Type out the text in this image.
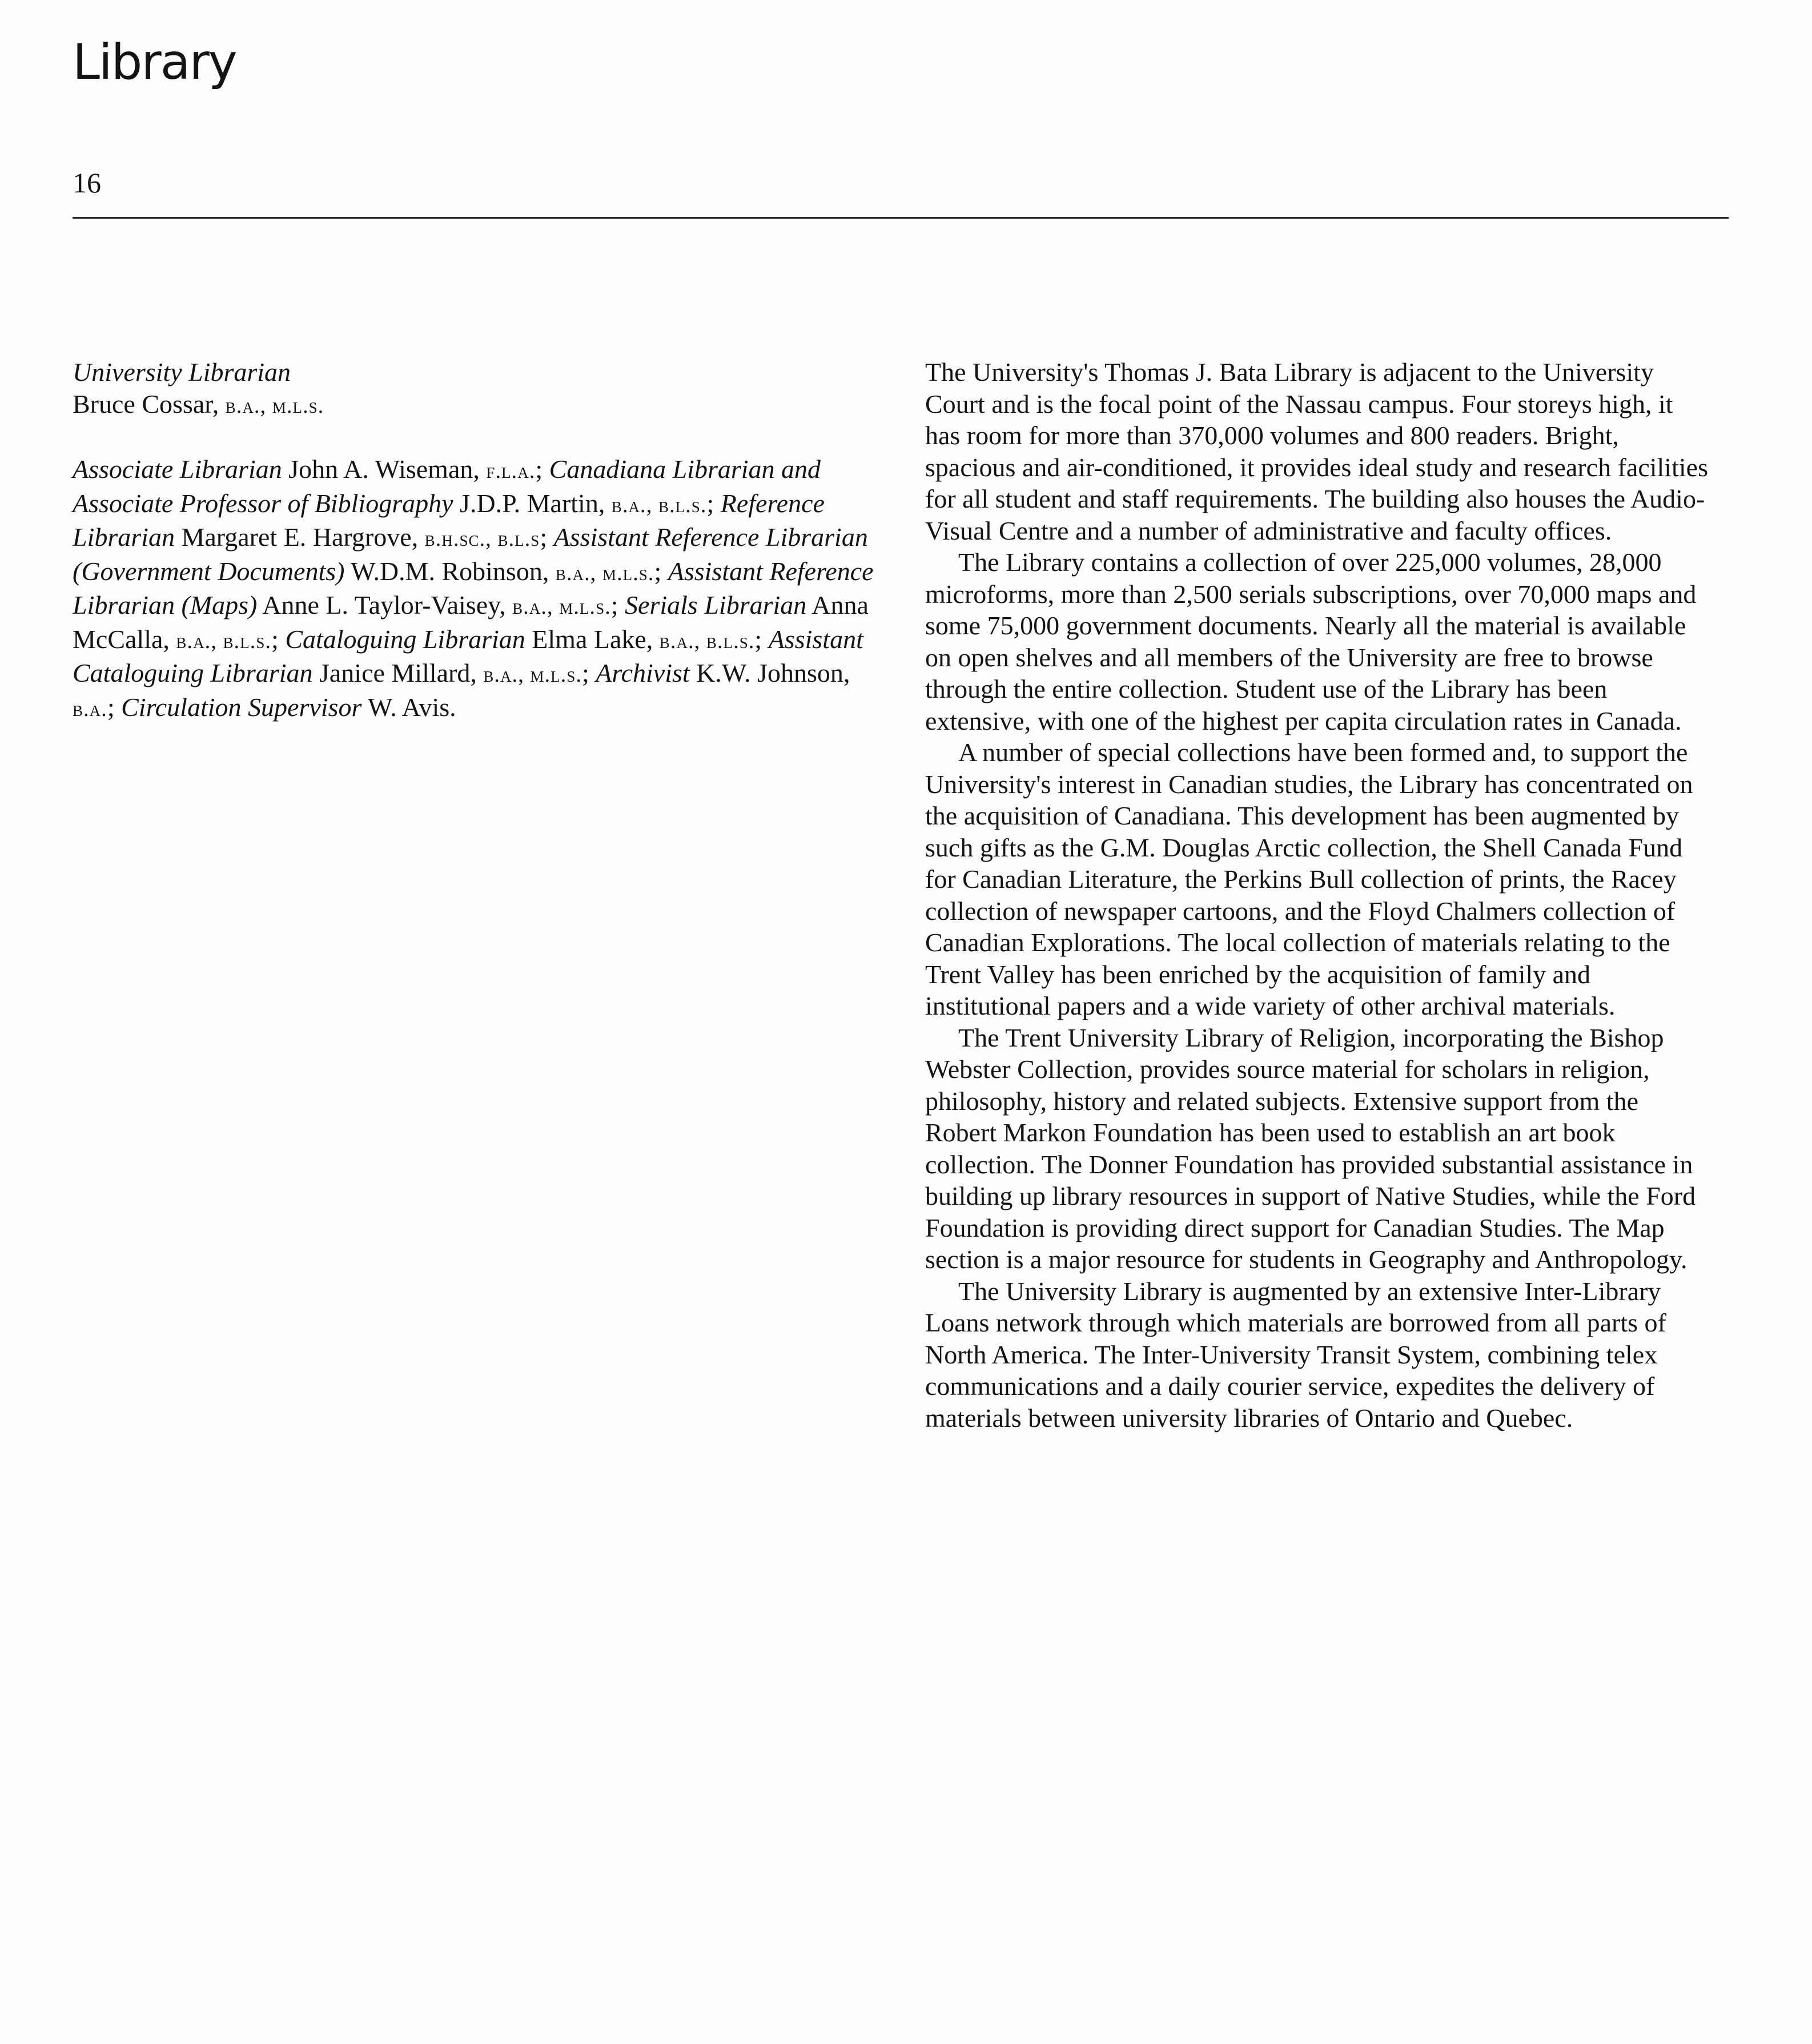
Library
16

University Librarian

Bruce Cossar, b.a., m.l.s.

Associate Librarian John A. Wiseman, f.l.a.; Canadiana Librarian and Associate Professor of Bibliography J.D.P. Martin, b.a., b.l.s.; Reference Librarian Margaret E. Hargrove, b.h.sc., b.l.s; Assistant Reference Librarian (Government Documents) W.D.M. Robinson, b.a., m.l.s.; Assistant Reference Librarian (Maps) Anne L. Taylor-Vaisey, b.a., m.l.s.; Serials Librarian Anna McCalla, b.a., b.l.s.; Cataloguing Librarian Elma Lake, b.a., b.l.s.; Assistant Cataloguing Librarian Janice Millard, b.a., m.l.s.; Archivist K.W. Johnson, b.a.; Circulation Supervisor W. Avis.

The University's Thomas J. Bata Library is adjacent to the University Court and is the focal point of the Nassau campus. Four storeys high, it has room for more than 370,000 volumes and 800 readers. Bright, spacious and air-conditioned, it provides ideal study and research facilities for all student and staff requirements. The building also houses the Audio-Visual Centre and a number of administrative and faculty offices.

The Library contains a collection of over 225,000 volumes, 28,000 microforms, more than 2,500 serials subscriptions, over 70,000 maps and some 75,000 government documents. Nearly all the material is available on open shelves and all members of the University are free to browse through the entire collection. Student use of the Library has been extensive, with one of the highest per capita circulation rates in Canada.

A number of special collections have been formed and, to support the University's interest in Canadian studies, the Library has concentrated on the acquisition of Canadiana. This development has been augmented by such gifts as the G.M. Douglas Arctic collection, the Shell Canada Fund for Canadian Literature, the Perkins Bull collection of prints, the Racey collection of newspaper cartoons, and the Floyd Chalmers collection of Canadian Explorations. The local collection of materials relating to the Trent Valley has been enriched by the acquisition of family and institutional papers and a wide variety of other archival materials.

The Trent University Library of Religion, incorporating the Bishop Webster Collection, provides source material for scholars in religion, philosophy, history and related subjects. Extensive support from the Robert Markon Foundation has been used to establish an art book collection. The Donner Foundation has provided substantial assistance in building up library resources in support of Native Studies, while the Ford Foundation is providing direct support for Canadian Studies. The Map section is a major resource for students in Geography and Anthropology.

The University Library is augmented by an extensive Inter-Library Loans network through which materials are borrowed from all parts of North America. The Inter-University Transit System, combining telex communications and a daily courier service, expedites the delivery of materials between university libraries of Ontario and Quebec.
